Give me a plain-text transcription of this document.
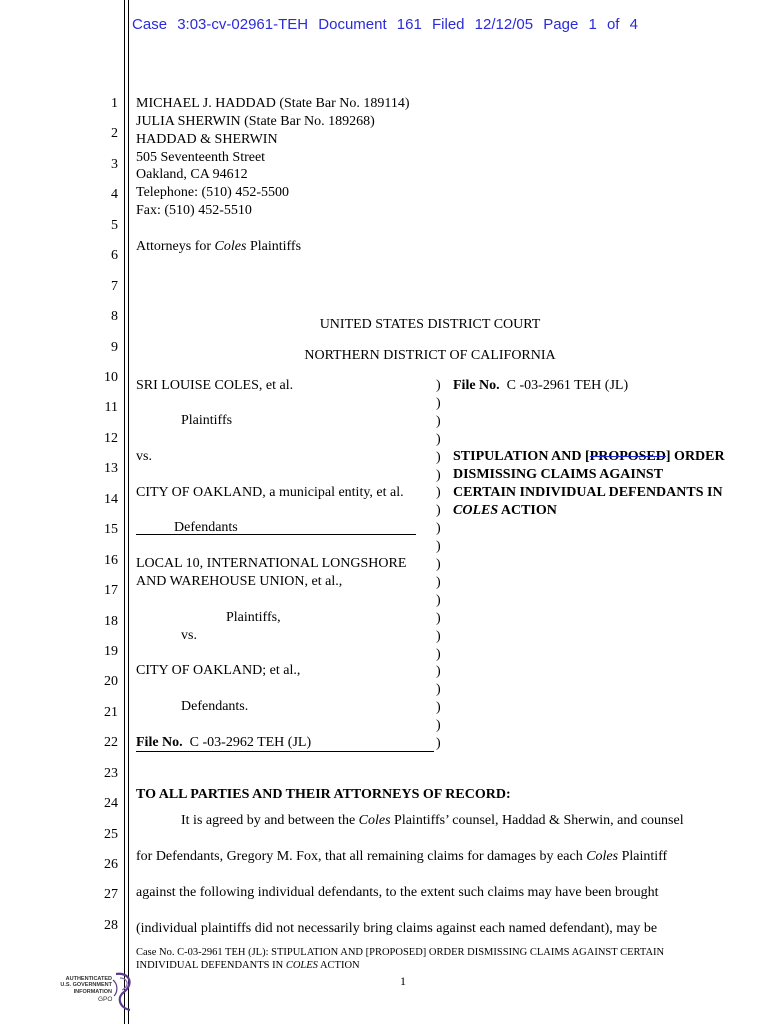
Case 3:03-cv-02961-TEH Document 161 Filed 12/12/05 Page 1 of 4
1
2
3
4
5
6
7
8
9
10
11
12
13
14
15
16
17
18
19
20
21
22
23
24
25
26
27
28
MICHAEL J. HADDAD (State Bar No. 189114)
JULIA SHERWIN (State Bar No. 189268)
HADDAD & SHERWIN
505 Seventeenth Street
Oakland, CA 94612
Telephone: (510) 452-5500
Fax: (510) 452-5510
Attorneys for Coles Plaintiffs
UNITED STATES DISTRICT COURT
NORTHERN DISTRICT OF CALIFORNIA
SRI LOUISE COLES, et al.
Plaintiffs
vs.
CITY OF OAKLAND, a municipal entity, et al.
Defendants
LOCAL 10, INTERNATIONAL LONGSHORE
AND WAREHOUSE UNION, et al.,
Plaintiffs,
vs.
CITY OF OAKLAND; et al.,
Defendants.
File No. C -03-2962 TEH (JL)
)
)
)
)
)
)
)
)
)
)
)
)
)
)
)
)
)
)
)
)
)
File No. C -03-2961 TEH (JL)
STIPULATION AND [PROPOSED] ORDER
DISMISSING CLAIMS AGAINST
CERTAIN INDIVIDUAL DEFENDANTS IN
COLES ACTION
TO ALL PARTIES AND THEIR ATTORNEYS OF RECORD:
It is agreed by and between the Coles Plaintiffs’ counsel, Haddad & Sherwin, and counsel
for Defendants, Gregory M. Fox, that all remaining claims for damages by each Coles Plaintiff
against the following individual defendants, to the extent such claims may have been brought
(individual plaintiffs did not necessarily bring claims against each named defendant), may be
Case No. C-03-2961 TEH (JL): STIPULATION AND [PROPOSED] ORDER DISMISSING CLAIMS AGAINST CERTAIN
INDIVIDUAL DEFENDANTS IN COLES ACTION
1
AUTHENTICATED
U.S. GOVERNMENT
INFORMATION
GPO
